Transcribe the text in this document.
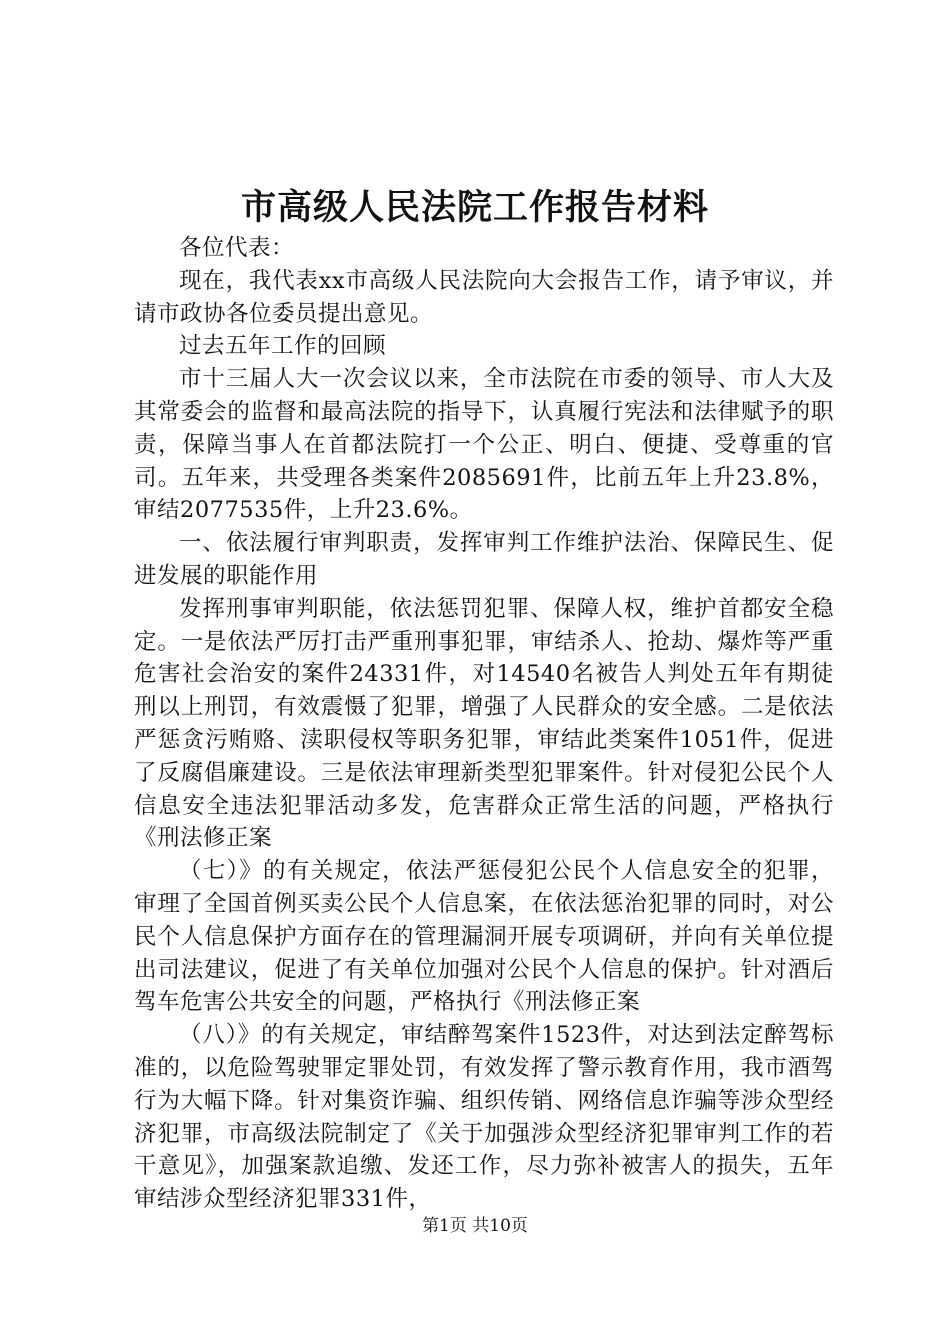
市高级人民法院工作报告材料

各位代表：

现在，我代表xx市高级人民法院向大会报告工作，请予审议，并请市政协各位委员提出意见。

过去五年工作的回顾

市十三届人大一次会议以来，全市法院在市委的领导、市人大及其常委会的监督和最高法院的指导下，认真履行宪法和法律赋予的职责，保障当事人在首都法院打一个公正、明白、便捷、受尊重的官司。五年来，共受理各类案件2085691件，比前五年上升23.8%，审结2077535件，上升23.6%。

一、依法履行审判职责，发挥审判工作维护法治、保障民生、促进发展的职能作用

发挥刑事审判职能，依法惩罚犯罪、保障人权，维护首都安全稳定。一是依法严厉打击严重刑事犯罪，审结杀人、抢劫、爆炸等严重危害社会治安的案件24331件，对14540名被告人判处五年有期徒刑以上刑罚，有效震慑了犯罪，增强了人民群众的安全感。二是依法严惩贪污贿赂、渎职侵权等职务犯罪，审结此类案件1051件，促进了反腐倡廉建设。三是依法审理新类型犯罪案件。针对侵犯公民个人信息安全违法犯罪活动多发，危害群众正常生活的问题，严格执行《刑法修正案

（七）》的有关规定，依法严惩侵犯公民个人信息安全的犯罪，审理了全国首例买卖公民个人信息案，在依法惩治犯罪的同时，对公民个人信息保护方面存在的管理漏洞开展专项调研，并向有关单位提出司法建议，促进了有关单位加强对公民个人信息的保护。针对酒后驾车危害公共安全的问题，严格执行《刑法修正案

（八）》的有关规定，审结醉驾案件1523件，对达到法定醉驾标准的，以危险驾驶罪定罪处罚，有效发挥了警示教育作用，我市酒驾行为大幅下降。针对集资诈骗、组织传销、网络信息诈骗等涉众型经济犯罪，市高级法院制定了《关于加强涉众型经济犯罪审判工作的若干意见》，加强案款追缴、发还工作，尽力弥补被害人的损失，五年审结涉众型经济犯罪331件，

第1页 共10页
